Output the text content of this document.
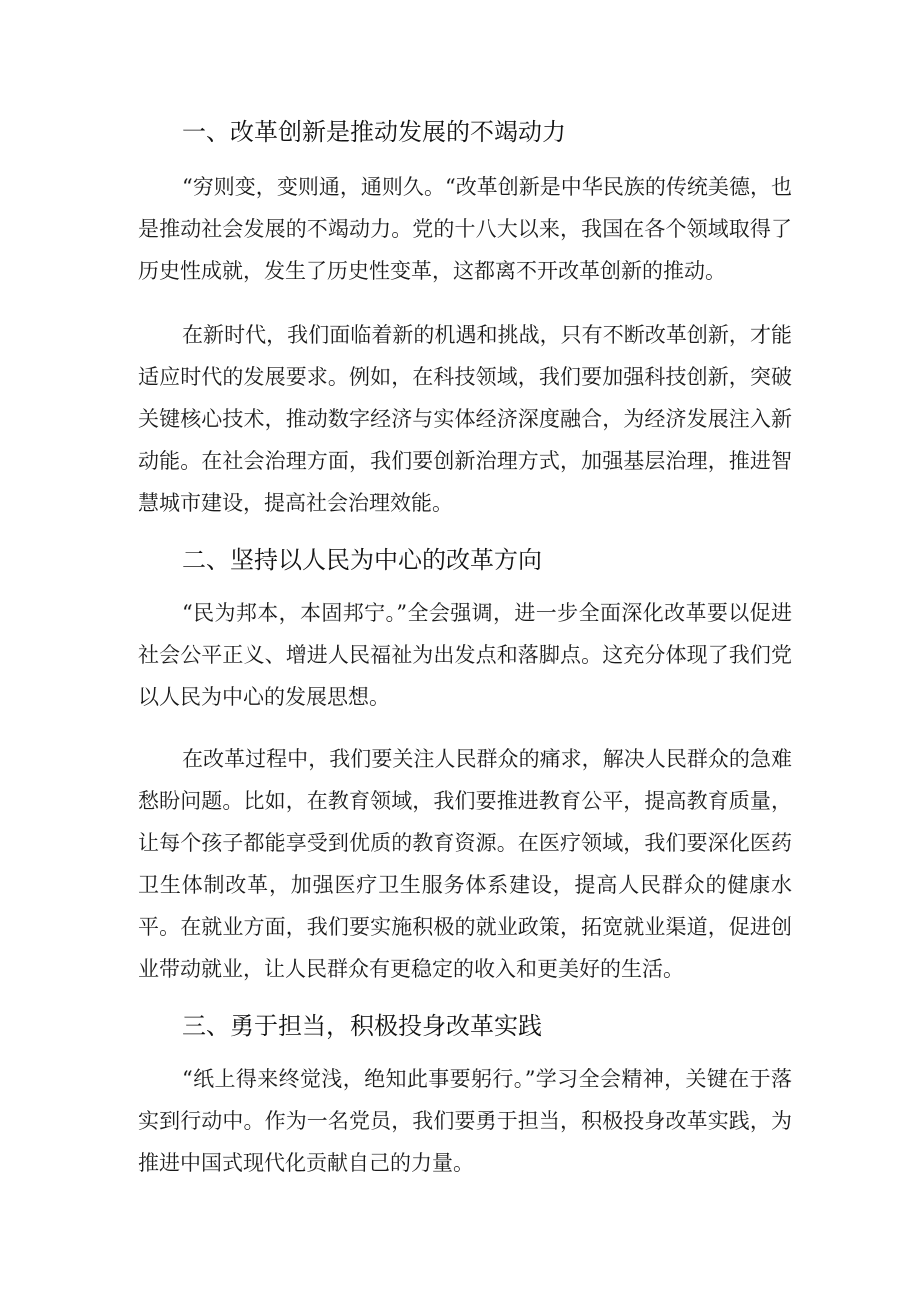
一、改革创新是推动发展的不竭动力

“穷则变，变则通，通则久。“改革创新是中华民族的传统美德，也是推动社会发展的不竭动力。党的十八大以来，我国在各个领域取得了历史性成就，发生了历史性变革，这都离不开改革创新的推动。

在新时代，我们面临着新的机遇和挑战，只有不断改革创新，才能适应时代的发展要求。例如，在科技领域，我们要加强科技创新，突破关键核心技术，推动数字经济与实体经济深度融合，为经济发展注入新动能。在社会治理方面，我们要创新治理方式，加强基层治理，推进智慧城市建设，提高社会治理效能。

二、坚持以人民为中心的改革方向

“民为邦本，本固邦宁。”全会强调，进一步全面深化改革要以促进社会公平正义、增进人民福祉为出发点和落脚点。这充分体现了我们党以人民为中心的发展思想。

在改革过程中，我们要关注人民群众的痛求，解决人民群众的急难愁盼问题。比如，在教育领域，我们要推进教育公平，提高教育质量，让每个孩子都能享受到优质的教育资源。在医疗领域，我们要深化医药卫生体制改革，加强医疗卫生服务体系建设，提高人民群众的健康水平。在就业方面，我们要实施积极的就业政策，拓宽就业渠道，促进创业带动就业，让人民群众有更稳定的收入和更美好的生活。

三、勇于担当，积极投身改革实践

“纸上得来终觉浅，绝知此事要躬行。”学习全会精神，关键在于落实到行动中。作为一名党员，我们要勇于担当，积极投身改革实践，为推进中国式现代化贡献自己的力量。
